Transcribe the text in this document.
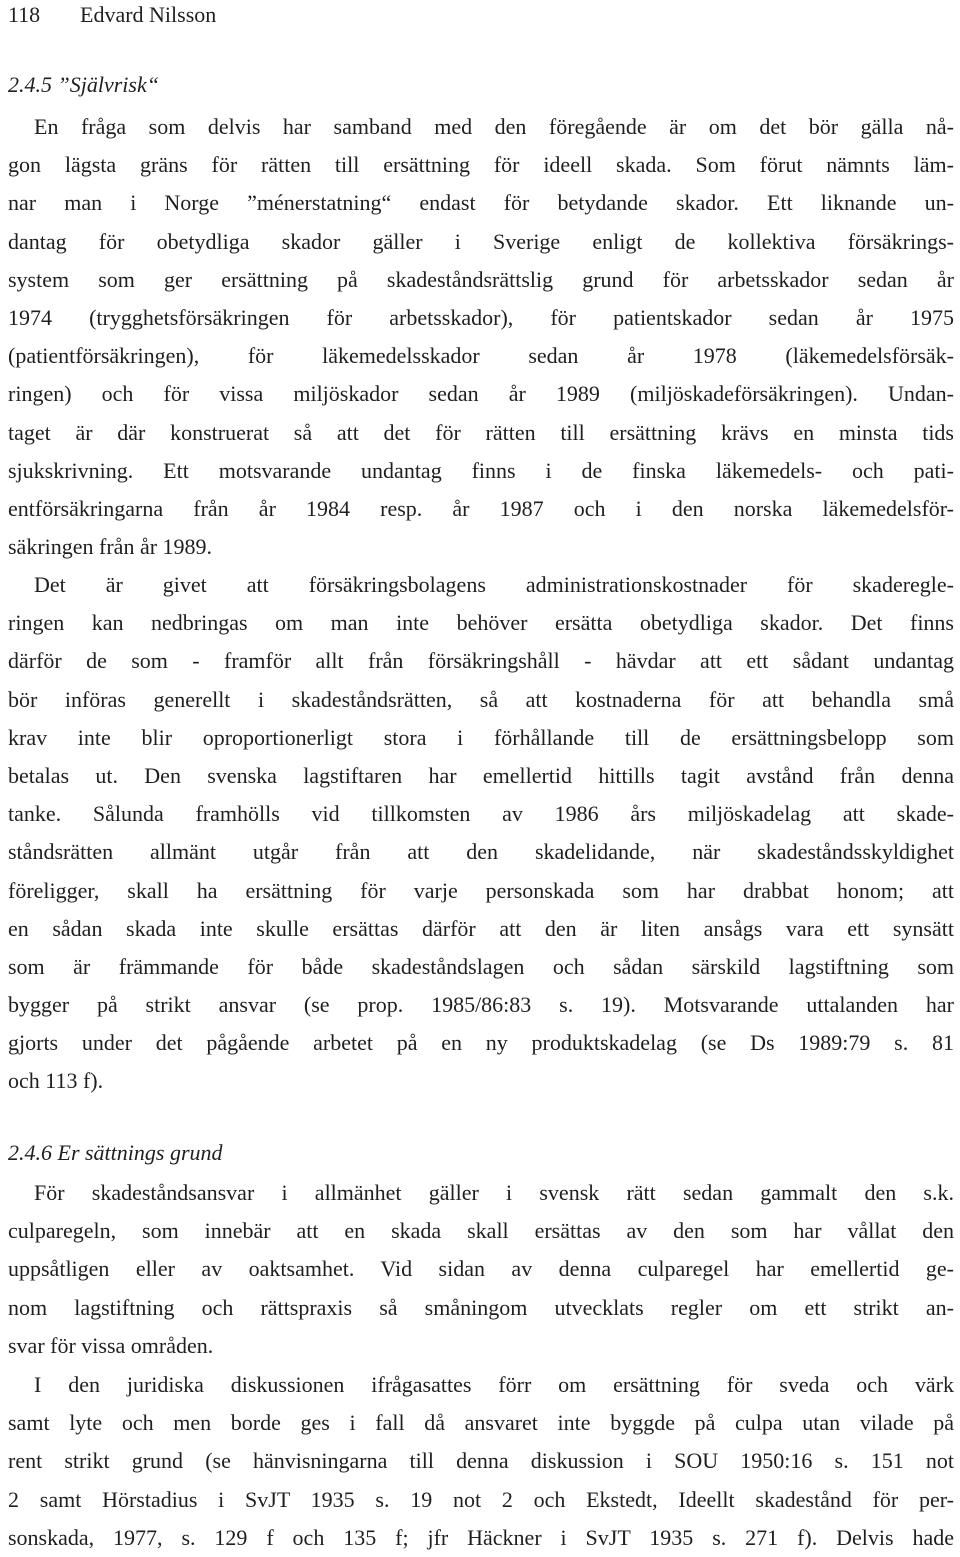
118 Edvard Nilsson
2.4.5 ”Självrisk“
En fråga som delvis har samband med den föregående är om det bör gälla nå-
gon lägsta gräns för rätten till ersättning för ideell skada. Som förut nämnts läm-
nar man i Norge ”ménerstatning“ endast för betydande skador. Ett liknande un-
dantag för obetydliga skador gäller i Sverige enligt de kollektiva försäkrings-
system som ger ersättning på skadeståndsrättslig grund för arbetsskador sedan år
1974 (trygghetsförsäkringen för arbetsskador), för patientskador sedan år 1975
(patientförsäkringen), för läkemedelsskador sedan år 1978 (läkemedelsförsäk-
ringen) och för vissa miljöskador sedan år 1989 (miljöskadeförsäkringen). Undan-
taget är där konstruerat så att det för rätten till ersättning krävs en minsta tids
sjukskrivning. Ett motsvarande undantag finns i de finska läkemedels- och pati-
entförsäkringarna från år 1984 resp. år 1987 och i den norska läkemedelsför-
säkringen från år 1989.
Det är givet att försäkringsbolagens administrationskostnader för skaderegle-
ringen kan nedbringas om man inte behöver ersätta obetydliga skador. Det finns
därför de som - framför allt från försäkringshåll - hävdar att ett sådant undantag
bör införas generellt i skadeståndsrätten, så att kostnaderna för att behandla små
krav inte blir oproportionerligt stora i förhållande till de ersättningsbelopp som
betalas ut. Den svenska lagstiftaren har emellertid hittills tagit avstånd från denna
tanke. Sålunda framhölls vid tillkomsten av 1986 års miljöskadelag att skade-
ståndsrätten allmänt utgår från att den skadelidande, när skadeståndsskyldighet
föreligger, skall ha ersättning för varje personskada som har drabbat honom; att
en sådan skada inte skulle ersättas därför att den är liten ansågs vara ett synsätt
som är främmande för både skadeståndslagen och sådan särskild lagstiftning som
bygger på strikt ansvar (se prop. 1985/86:83 s. 19). Motsvarande uttalanden har
gjorts under det pågående arbetet på en ny produktskadelag (se Ds 1989:79 s. 81
och 113 f).
2.4.6 Er sättnings grund
För skadeståndsansvar i allmänhet gäller i svensk rätt sedan gammalt den s.k.
culparegeln, som innebär att en skada skall ersättas av den som har vållat den
uppsåtligen eller av oaktsamhet. Vid sidan av denna culparegel har emellertid ge-
nom lagstiftning och rättspraxis så småningom utvecklats regler om ett strikt an-
svar för vissa områden.
I den juridiska diskussionen ifrågasattes förr om ersättning för sveda och värk
samt lyte och men borde ges i fall då ansvaret inte byggde på culpa utan vilade på
rent strikt grund (se hänvisningarna till denna diskussion i SOU 1950:16 s. 151 not
2 samt Hörstadius i SvJT 1935 s. 19 not 2 och Ekstedt, Ideellt skadestånd för per-
sonskada, 1977, s. 129 f och 135 f; jfr Häckner i SvJT 1935 s. 271 f). Delvis hade
